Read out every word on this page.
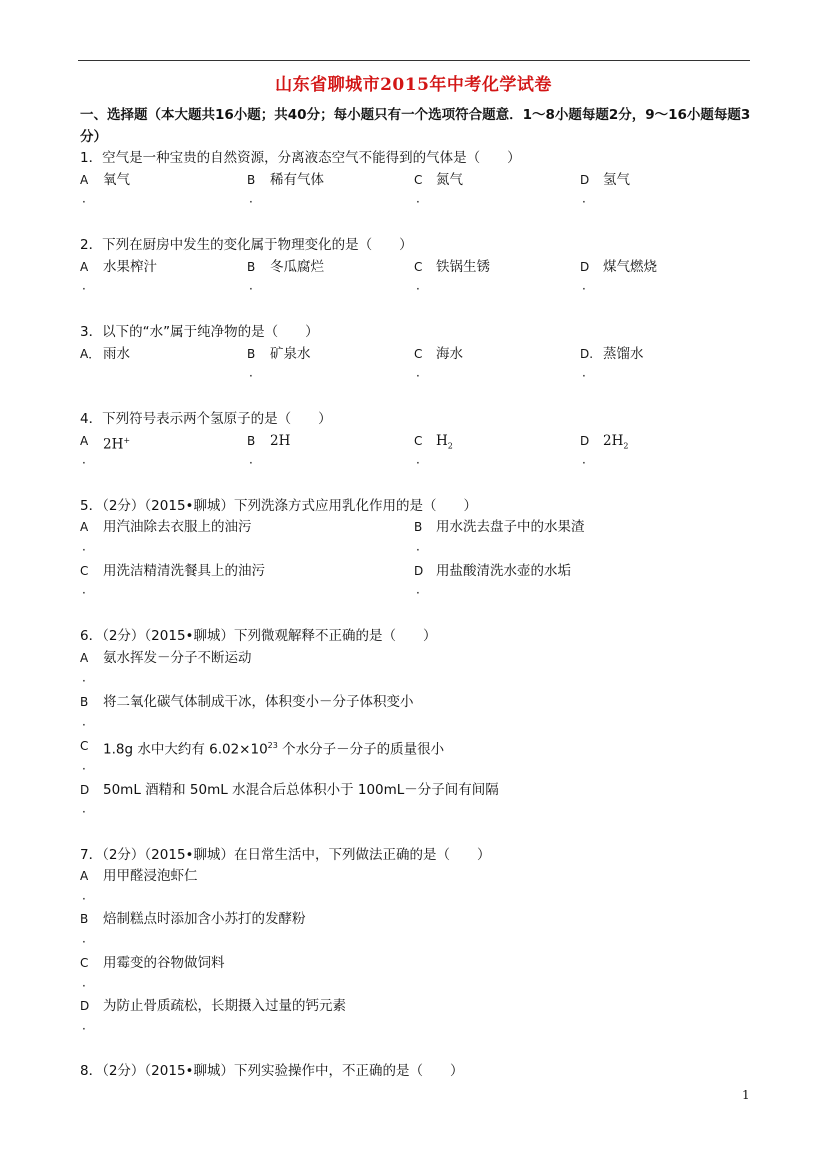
山东省聊城市2015年中考化学试卷
一、选择题（本大题共16小题；共40分；每小题只有一个选项符合题意．1～8小题每题2分，9～16小题每题3分）
1．空气是一种宝贵的自然资源，分离液态空气不能得到的气体是（　　）
A 氧气	B 稀有气体	C 氮气	D 氢气
·	·	·	·
2．下列在厨房中发生的变化属于物理变化的是（　　）
A 水果榨汁	B 冬瓜腐烂	C 铁锅生锈	D 煤气燃烧
·	·	·	·
3．以下的“水”属于纯净物的是（　　）
A． 雨水	B 矿泉水	C 海水	D. 蒸馏水
·	·	·
4．下列符号表示两个氢原子的是（　　）
A 2H+	B 2H	C $H_2$	D $2H_2$
·	·	·	·
5．（2分）（2015•聊城）下列洗涤方式应用乳化作用的是（　　）
A 用汽油除去衣服上的油污	B 用水洗去盘子中的水果渣
·	·
C 用洗洁精清洗餐具上的油污	D 用盐酸清洗水壶的水垢
·	·
6．（2分）（2015•聊城）下列微观解释不正确的是（　　）
A 氨水挥发－分子不断运动
·
B 将二氧化碳气体制成干冰，体积变小－分子体积变小
·
C 1.8g 水中大约有 $6.02\times 10^{23}$ 个水分子－分子的质量很小
·
D 50mL 酒精和 50mL 水混合后总体积小于 100mL－分子间有间隔
·
7．（2分）（2015•聊城）在日常生活中，下列做法正确的是（　　）
A 用甲醛浸泡虾仁
·
B 焙制糕点时添加含小苏打的发酵粉
·
C 用霉变的谷物做饲料
·
D 为防止骨质疏松，长期摄入过量的钙元素
·
8．（2分）（2015•聊城）下列实验操作中，不正确的是（　　）
1
